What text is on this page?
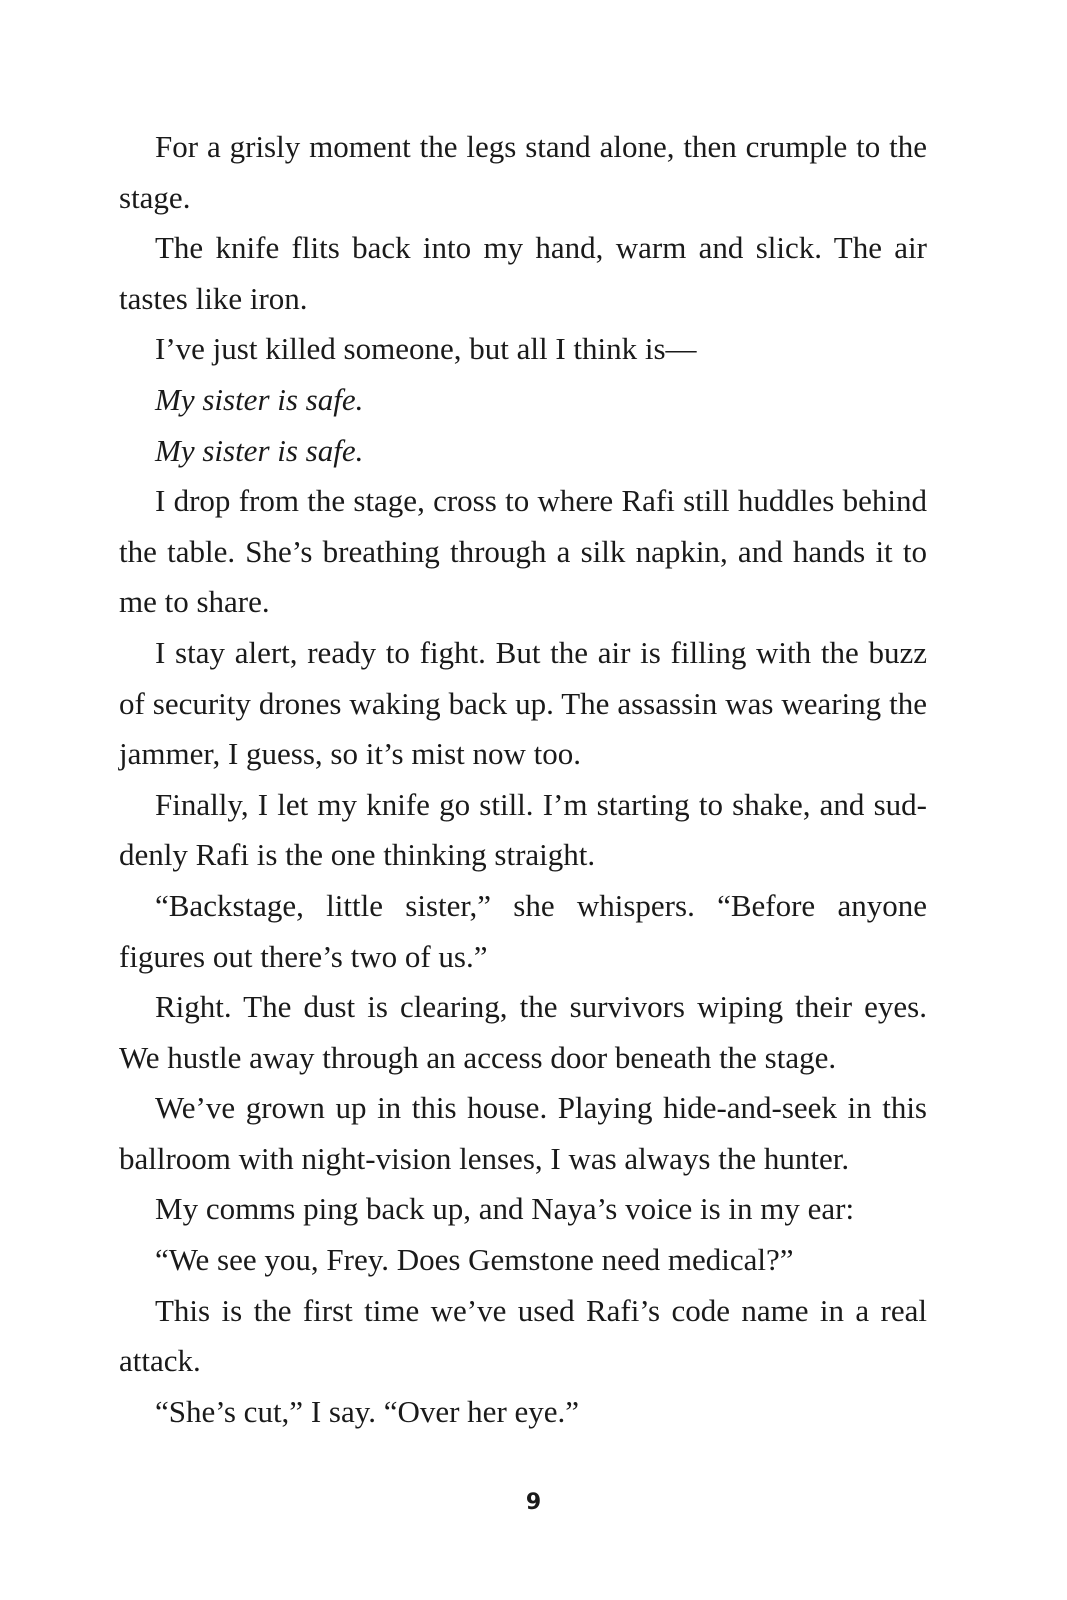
For a grisly moment the legs stand alone, then crumple to the stage.

The knife flits back into my hand, warm and slick. The air tastes like iron.

I’ve just killed someone, but all I think is—

My sister is safe.

My sister is safe.

I drop from the stage, cross to where Rafi still huddles behind the table. She’s breathing through a silk napkin, and hands it to me to share.

I stay alert, ready to fight. But the air is filling with the buzz of security drones waking back up. The assassin was wearing the jammer, I guess, so it’s mist now too.

Finally, I let my knife go still. I’m starting to shake, and suddenly Rafi is the one thinking straight.

“Backstage, little sister,” she whispers. “Before anyone figures out there’s two of us.”

Right. The dust is clearing, the survivors wiping their eyes. We hustle away through an access door beneath the stage.

We’ve grown up in this house. Playing hide-and-seek in this ballroom with night-vision lenses, I was always the hunter.

My comms ping back up, and Naya’s voice is in my ear:

“We see you, Frey. Does Gemstone need medical?”

This is the first time we’ve used Rafi’s code name in a real attack.

“She’s cut,” I say. “Over her eye.”

9
